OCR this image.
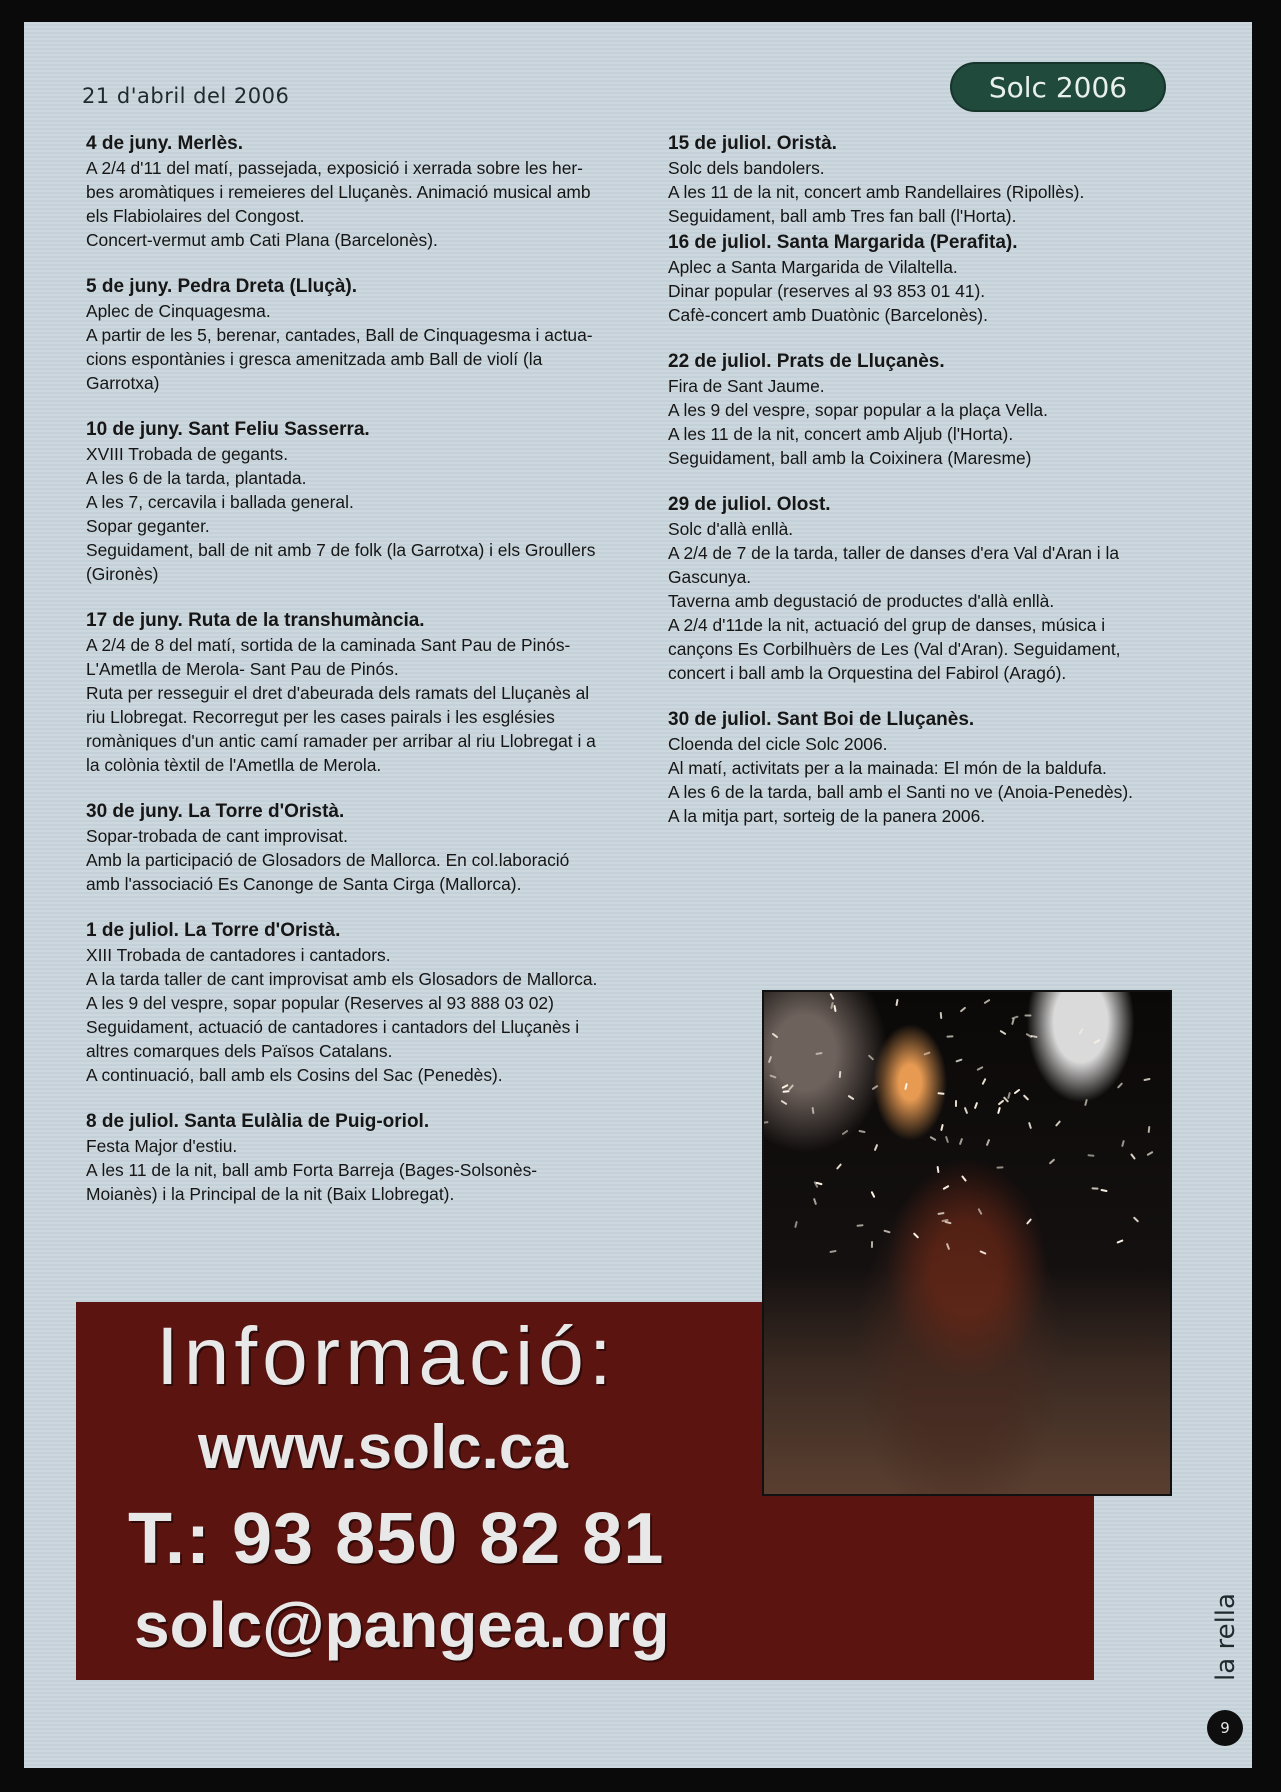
21 d'abril del 2006	Solc 2006
4 de juny. Merlès.
A 2/4 d'11 del matí, passejada, exposició i xerrada sobre les her-
bes aromàtiques i remeieres del Lluçanès. Animació musical amb
els Flabiolaires del Congost.
Concert-vermut amb Cati Plana (Barcelonès).
5 de juny. Pedra Dreta (Lluçà).
Aplec de Cinquagesma.
A partir de les 5, berenar, cantades, Ball de Cinquagesma i actua-
cions espontànies i gresca amenitzada amb Ball de violí (la
Garrotxa)
10 de juny. Sant Feliu Sasserra.
XVIII Trobada de gegants.
A les 6 de la tarda, plantada.
A les 7, cercavila i ballada general.
Sopar geganter.
Seguidament, ball de nit amb 7 de folk (la Garrotxa) i els Groullers
(Gironès)
17 de juny. Ruta de la transhumància.
A 2/4 de 8 del matí, sortida de la caminada Sant Pau de Pinós-
L'Ametlla de Merola- Sant Pau de Pinós.
Ruta per resseguir el dret d'abeurada dels ramats del Lluçanès al
riu Llobregat. Recorregut per les cases pairals i les esglésies
romàniques d'un antic camí ramader per arribar al riu Llobregat i a
la colònia tèxtil de l'Ametlla de Merola.
30 de juny. La Torre d'Oristà.
Sopar-trobada de cant improvisat.
Amb la participació de Glosadors de Mallorca. En col.laboració
amb l'associació Es Canonge de Santa Cirga (Mallorca).
1 de juliol. La Torre d'Oristà.
XIII Trobada de cantadores i cantadors.
A la tarda taller de cant improvisat amb els Glosadors de Mallorca.
A les 9 del vespre, sopar popular (Reserves al 93 888 03 02)
Seguidament, actuació de cantadores i cantadors del Lluçanès i
altres comarques dels Països Catalans.
A continuació, ball amb els Cosins del Sac (Penedès).
8 de juliol. Santa Eulàlia de Puig-oriol.
Festa Major d'estiu.
A les 11 de la nit, ball amb Forta Barreja (Bages-Solsonès-
Moianès) i la Principal de la nit (Baix Llobregat).
15 de juliol. Oristà.
Solc dels bandolers.
A les 11 de la nit, concert amb Randellaires (Ripollès).
Seguidament, ball amb Tres fan ball (l'Horta).
16 de juliol. Santa Margarida (Perafita).
Aplec a Santa Margarida de Vilaltella.
Dinar popular (reserves al 93 853 01 41).
Cafè-concert amb Duatònic (Barcelonès).
22 de juliol. Prats de Lluçanès.
Fira de Sant Jaume.
A les 9 del vespre, sopar popular a la plaça Vella.
A les 11 de la nit, concert amb Aljub (l'Horta).
Seguidament, ball amb la Coixinera (Maresme)
29 de juliol. Olost.
Solc d'allà enllà.
A 2/4 de 7 de la tarda, taller de danses d'era Val d'Aran i la
Gascunya.
Taverna amb degustació de productes d'allà enllà.
A 2/4 d'11de la nit, actuació del grup de danses, música i
cançons Es Corbilhuèrs de Les (Val d'Aran). Seguidament,
concert i ball amb la Orquestina del Fabirol (Aragó).
30 de juliol. Sant Boi de Lluçanès.
Cloenda del cicle Solc 2006.
Al matí, activitats per a la mainada: El món de la baldufa.
A les 6 de la tarda, ball amb el Santi no ve (Anoia-Penedès).
A la mitja part, sorteig de la panera 2006.
Informació:
www.solc.ca
T.: 93 850 82 81
solc@pangea.org	la rella
9
